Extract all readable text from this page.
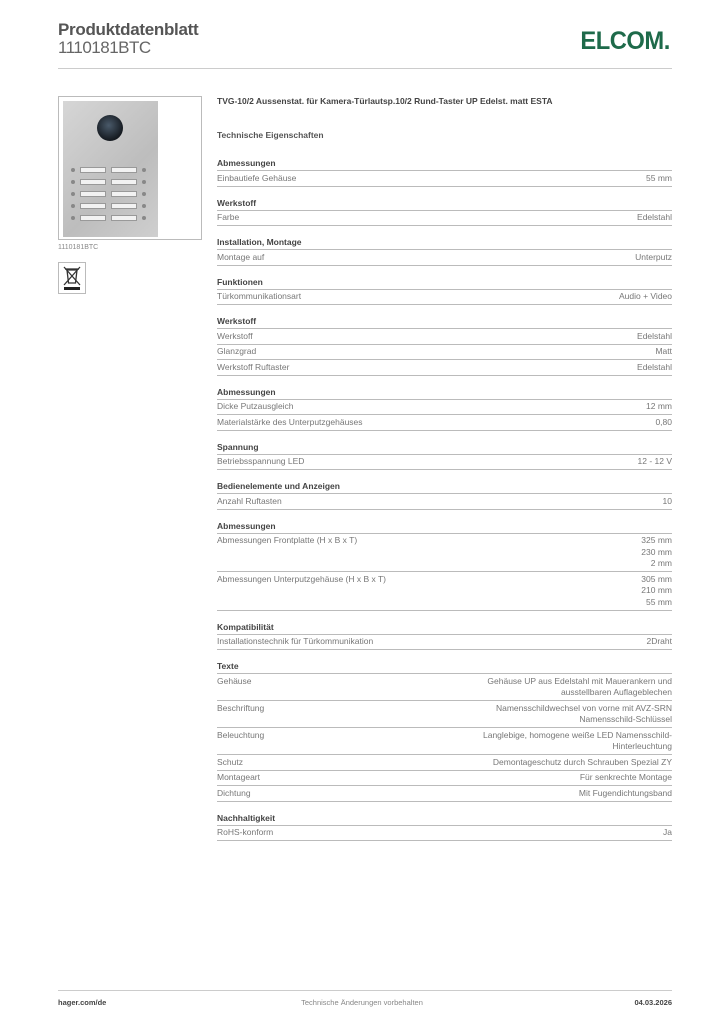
Produktdatenblatt
1110181BTC	ELCOM.
1110181BTC
TVG-10/2 Aussenstat. für Kamera-Türlautsp.10/2 Rund-Taster UP Edelst. matt ESTA
Technische Eigenschaften
Abmessungen
Einbautiefe Gehäuse	55 mm
Werkstoff
Farbe	Edelstahl
Installation, Montage
Montage auf	Unterputz
Funktionen
Türkommunikationsart	Audio + Video
Werkstoff
Werkstoff	Edelstahl
Glanzgrad	Matt
Werkstoff Ruftaster	Edelstahl
Abmessungen
Dicke Putzausgleich	12 mm
Materialstärke des Unterputzgehäuses	0,80
Spannung
Betriebsspannung LED	12 - 12 V
Bedienelemente und Anzeigen
Anzahl Ruftasten	10
Abmessungen
Abmessungen Frontplatte (H x B x T)	325 mm
230 mm
2 mm
Abmessungen Unterputzgehäuse (H x B x T)	305 mm
210 mm
55 mm
Kompatibilität
Installationstechnik für Türkommunikation	2Draht
Texte
Gehäuse	Gehäuse UP aus Edelstahl mit Mauerankern und ausstellbaren Auflageblechen
Beschriftung	Namensschildwechsel von vorne mit AVZ-SRN Namensschild-Schlüssel
Beleuchtung	Langlebige, homogene weiße LED Namensschild-Hinterleuchtung
Schutz	Demontageschutz durch Schrauben Spezial ZY
Montageart	Für senkrechte Montage
Dichtung	Mit Fugendichtungsband
Nachhaltigkeit
RoHS-konform	Ja
hager.com/de	Technische Änderungen vorbehalten	04.03.2026
